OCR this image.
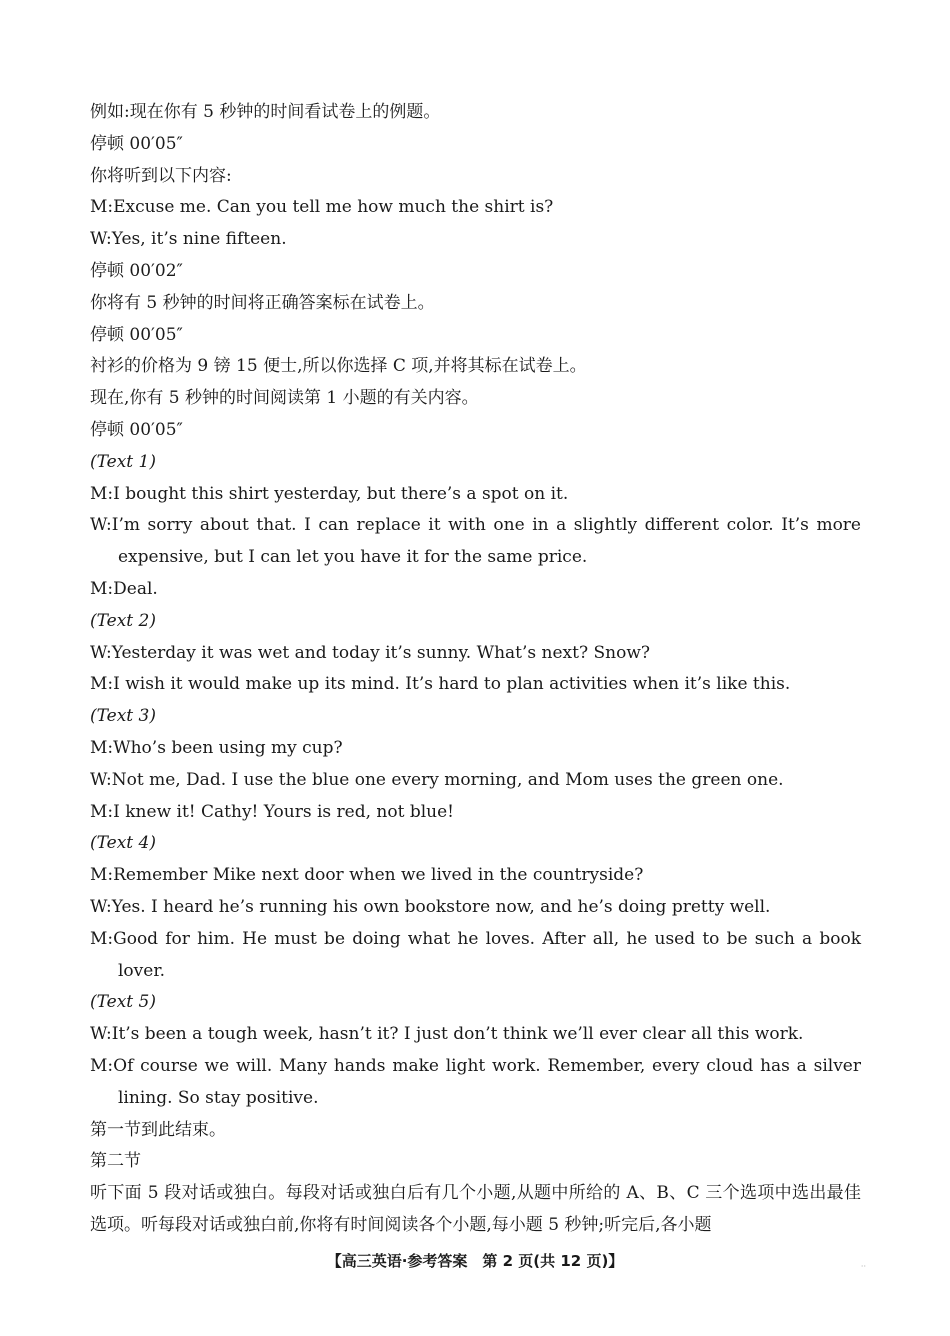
例如:现在你有 5 秒钟的时间看试卷上的例题。
停顿 00′05″
你将听到以下内容:
M:Excuse me. Can you tell me how much the shirt is?
W:Yes, it’s nine fifteen.
停顿 00′02″
你将有 5 秒钟的时间将正确答案标在试卷上。
停顿 00′05″
衬衫的价格为 9 镑 15 便士,所以你选择 C 项,并将其标在试卷上。
现在,你有 5 秒钟的时间阅读第 1 小题的有关内容。
停顿 00′05″
(Text 1)
M:I bought this shirt yesterday, but there’s a spot on it.
W:I’m sorry about that. I can replace it with one in a slightly different color. It’s more expensive, but I can let you have it for the same price.
M:Deal.
(Text 2)
W:Yesterday it was wet and today it’s sunny. What’s next? Snow?
M:I wish it would make up its mind. It’s hard to plan activities when it’s like this.
(Text 3)
M:Who’s been using my cup?
W:Not me, Dad. I use the blue one every morning, and Mom uses the green one.
M:I knew it! Cathy! Yours is red, not blue!
(Text 4)
M:Remember Mike next door when we lived in the countryside?
W:Yes. I heard he’s running his own bookstore now, and he’s doing pretty well.
M:Good for him. He must be doing what he loves. After all, he used to be such a book lover.
(Text 5)
W:It’s been a tough week, hasn’t it? I just don’t think we’ll ever clear all this work.
M:Of course we will. Many hands make light work. Remember, every cloud has a silver lining. So stay positive.
第一节到此结束。
第二节
听下面 5 段对话或独白。每段对话或独白后有几个小题,从题中所给的 A、B、C 三个选项中选出最佳选项。听每段对话或独白前,你将有时间阅读各个小题,每小题 5 秒钟;听完后,各小题
【高三英语·参考答案　第 2 页(共 12 页)】	··
